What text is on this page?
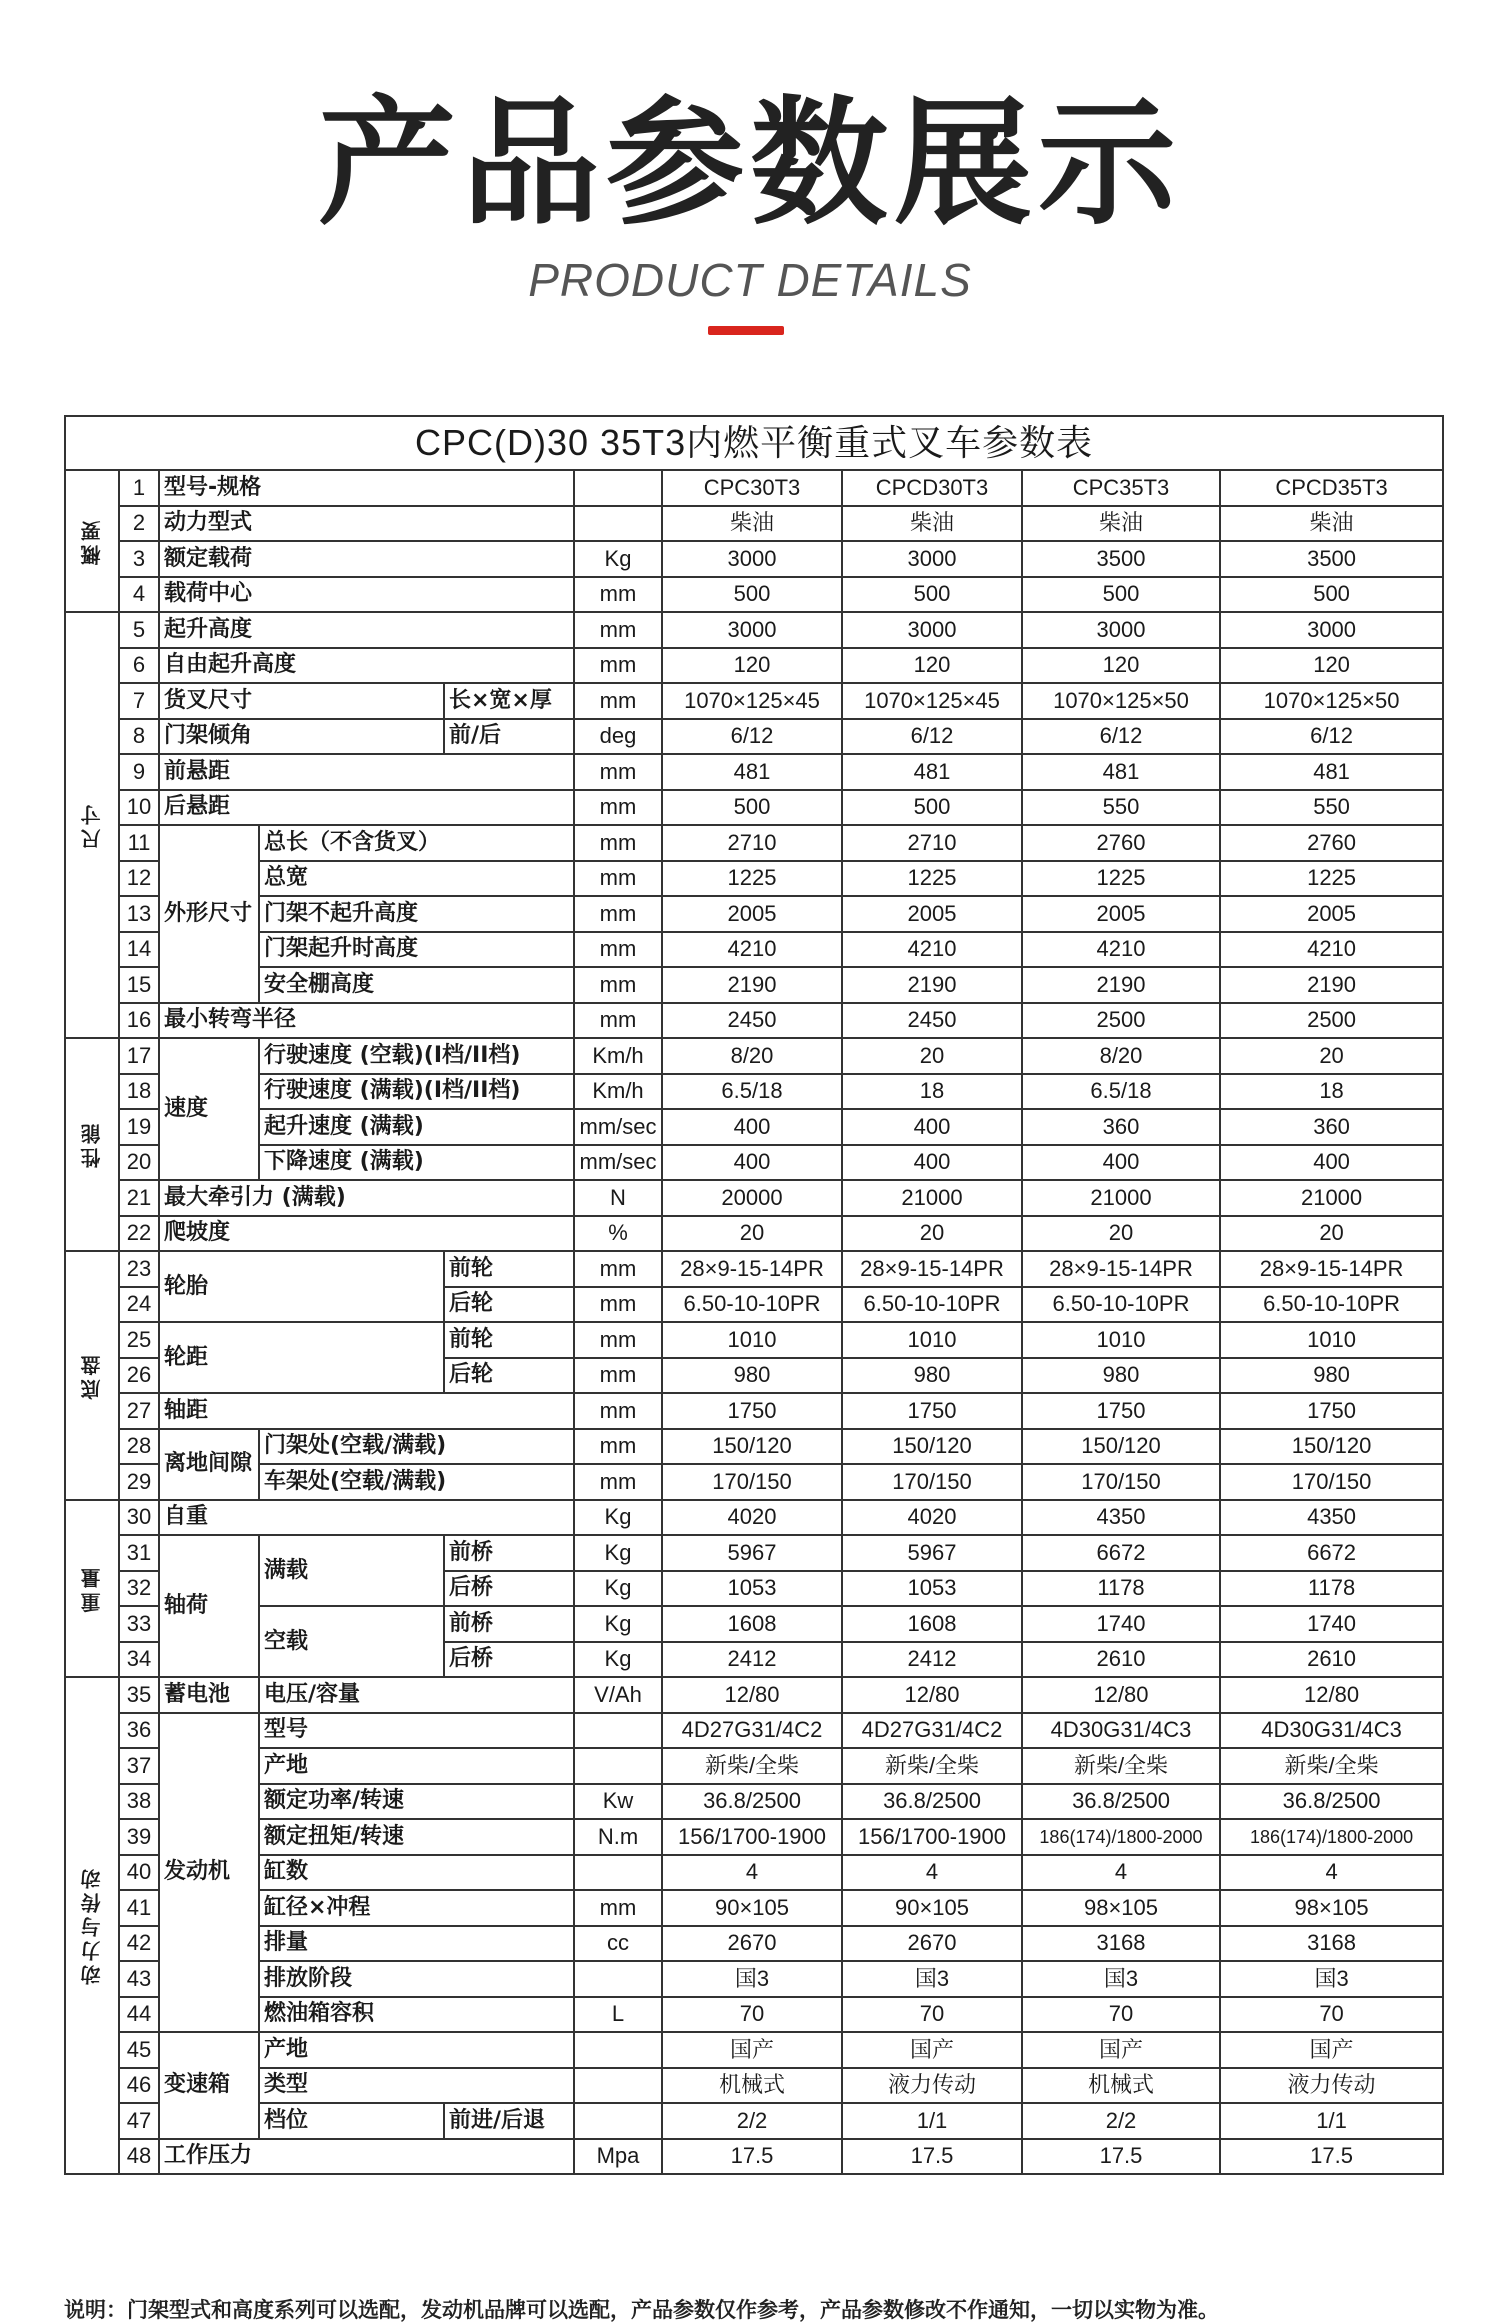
产品参数展示
PRODUCT DETAILS
CPC(D)30 35T3内燃平衡重式叉车参数表									
概要	1	型号-规格				CPC30T3	CPCD30T3	CPC35T3	CPCD35T3
	2	动力型式				柴油	柴油	柴油	柴油
	3	额定载荷			Kg	3000	3000	3500	3500
	4	载荷中心			mm	500	500	500	500
尺寸	5	起升高度			mm	3000	3000	3000	3000
	6	自由起升高度			mm	120	120	120	120
	7	货叉尺寸		长×宽×厚	mm	1070×125×45	1070×125×45	1070×125×50	1070×125×50
	8	门架倾角		前/后	deg	6/12	6/12	6/12	6/12
	9	前悬距			mm	481	481	481	481
	10	后悬距			mm	500	500	550	550
	11	外形尺寸	总长（不含货叉）		mm	2710	2710	2760	2760
	12		总宽		mm	1225	1225	1225	1225
	13		门架不起升高度		mm	2005	2005	2005	2005
	14		门架起升时高度		mm	4210	4210	4210	4210
	15		安全棚高度		mm	2190	2190	2190	2190
	16	最小转弯半径			mm	2450	2450	2500	2500
性能	17	速度	行驶速度 (空载)(I档/II档)		Km/h	8/20	20	8/20	20
	18		行驶速度 (满载)(I档/II档)		Km/h	6.5/18	18	6.5/18	18
	19		起升速度 (满载)		mm/sec	400	400	360	360
	20		下降速度 (满载)		mm/sec	400	400	400	400
	21	最大牵引力 (满载)			N	20000	21000	21000	21000
	22	爬坡度			%	20	20	20	20
底盘	23	轮胎		前轮	mm	28×9-15-14PR	28×9-15-14PR	28×9-15-14PR	28×9-15-14PR
	24			后轮	mm	6.50-10-10PR	6.50-10-10PR	6.50-10-10PR	6.50-10-10PR
	25	轮距		前轮	mm	1010	1010	1010	1010
	26			后轮	mm	980	980	980	980
	27	轴距			mm	1750	1750	1750	1750
	28	离地间隙	门架处(空载/满载)		mm	150/120	150/120	150/120	150/120
	29		车架处(空载/满载)		mm	170/150	170/150	170/150	170/150
重量	30	自重			Kg	4020	4020	4350	4350
	31	轴荷	满载	前桥	Kg	5967	5967	6672	6672
	32			后桥	Kg	1053	1053	1178	1178
	33		空载	前桥	Kg	1608	1608	1740	1740
	34			后桥	Kg	2412	2412	2610	2610
动力与传动	35	蓄电池	电压/容量		V/Ah	12/80	12/80	12/80	12/80
	36	发动机	型号			4D27G31/4C2	4D27G31/4C2	4D30G31/4C3	4D30G31/4C3
	37		产地			新柴/全柴	新柴/全柴	新柴/全柴	新柴/全柴
	38		额定功率/转速		Kw	36.8/2500	36.8/2500	36.8/2500	36.8/2500
	39		额定扭矩/转速		N.m	156/1700-1900	156/1700-1900	186(174)/1800-2000	186(174)/1800-2000
	40		缸数			4	4	4	4
	41		缸径×冲程		mm	90×105	90×105	98×105	98×105
	42		排量		cc	2670	2670	3168	3168
	43		排放阶段			国3	国3	国3	国3
	44		燃油箱容积		L	70	70	70	70
	45	变速箱	产地			国产	国产	国产	国产
	46		类型			机械式	液力传动	机械式	液力传动
	47		档位	前进/后退		2/2	1/1	2/2	1/1
	48	工作压力			Mpa	17.5	17.5	17.5	17.5
说明：门架型式和高度系列可以选配，发动机品牌可以选配，产品参数仅作参考，产品参数修改不作通知，一切以实物为准。
